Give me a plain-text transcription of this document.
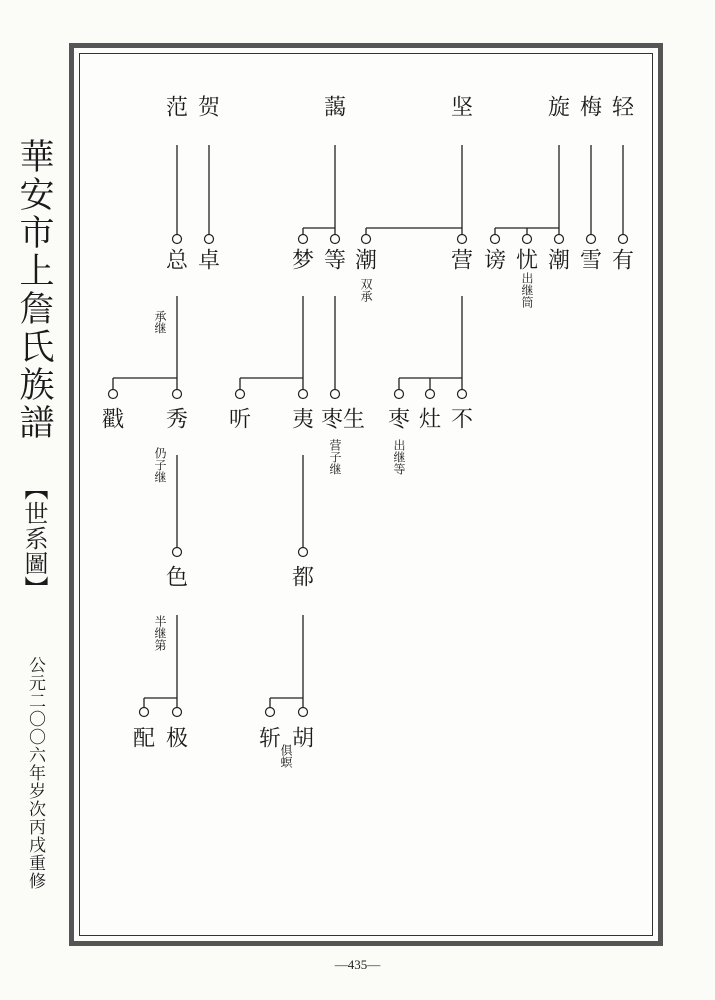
華安市上詹氏族譜
【世系圖】
公元二〇〇六年岁次丙戌重修
轻
梅
旋
坚
藹
贺
范
有
雪
潮
忧
谤
营
潮
等
梦
卓
总
不
灶
枣
枣生
夷
听
秀
戳
都
色
胡
斩
极
配
出继筒
双承
出继等
营子继
承继
仍子继
俱螟
半继第
—435—
